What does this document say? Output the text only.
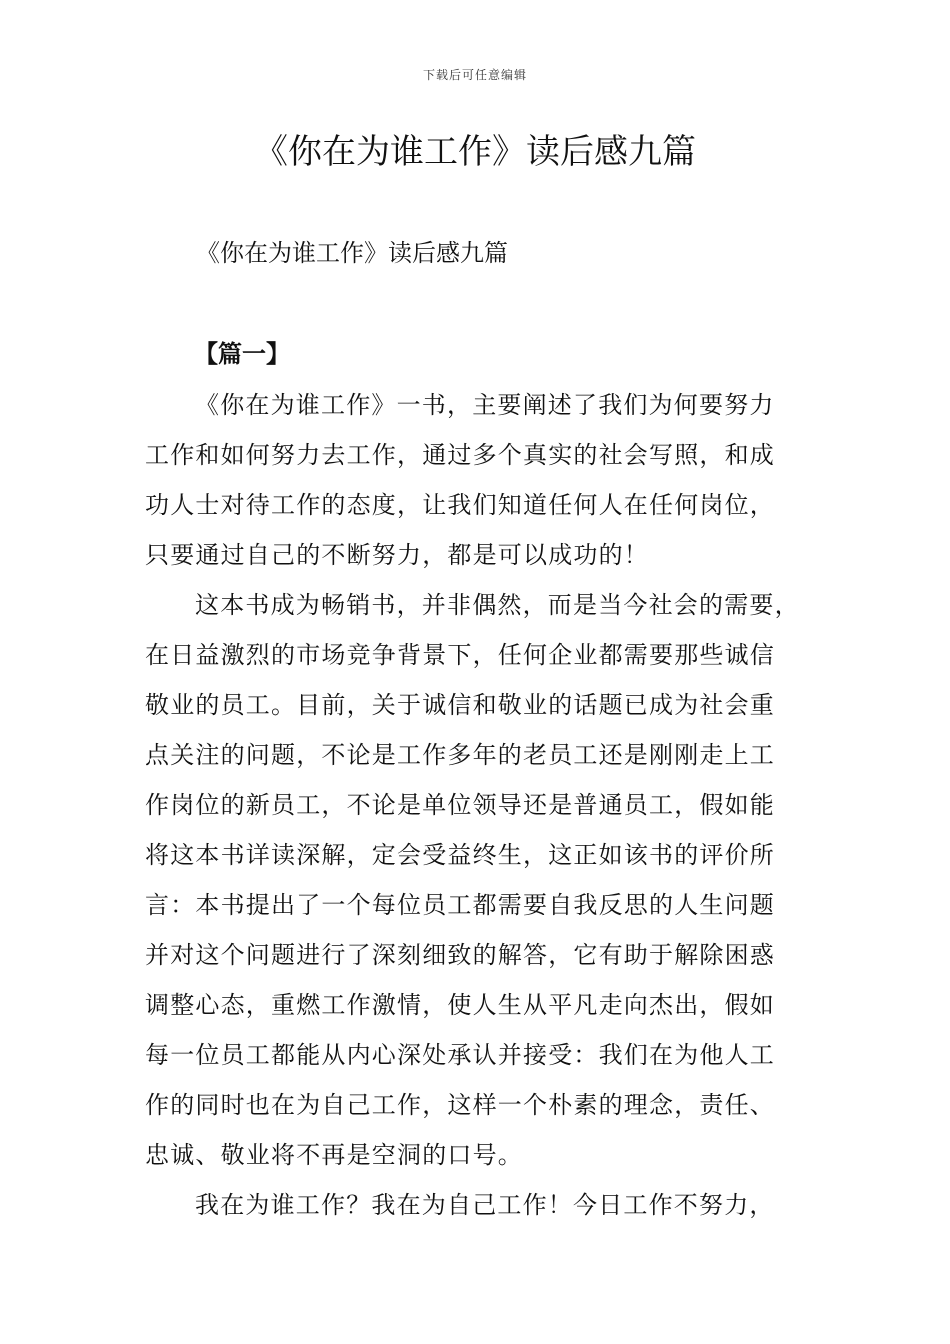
下载后可任意编辑
《你在为谁工作》读后感九篇
《你在为谁工作》读后感九篇
【篇一】
《你在为谁工作》一书，主要阐述了我们为何要努力
工作和如何努力去工作，通过多个真实的社会写照，和成
功人士对待工作的态度，让我们知道任何人在任何岗位，
只要通过自己的不断努力，都是可以成功的！
这本书成为畅销书，并非偶然，而是当今社会的需要，
在日益激烈的市场竞争背景下，任何企业都需要那些诚信
敬业的员工。目前，关于诚信和敬业的话题已成为社会重
点关注的问题，不论是工作多年的老员工还是刚刚走上工
作岗位的新员工，不论是单位领导还是普通员工，假如能
将这本书详读深解，定会受益终生，这正如该书的评价所
言：本书提出了一个每位员工都需要自我反思的人生问题
并对这个问题进行了深刻细致的解答，它有助于解除困惑
调整心态，重燃工作激情，使人生从平凡走向杰出，假如
每一位员工都能从内心深处承认并接受：我们在为他人工
作的同时也在为自己工作，这样一个朴素的理念，责任、
忠诚、敬业将不再是空洞的口号。
我在为谁工作？我在为自己工作！今日工作不努力，
